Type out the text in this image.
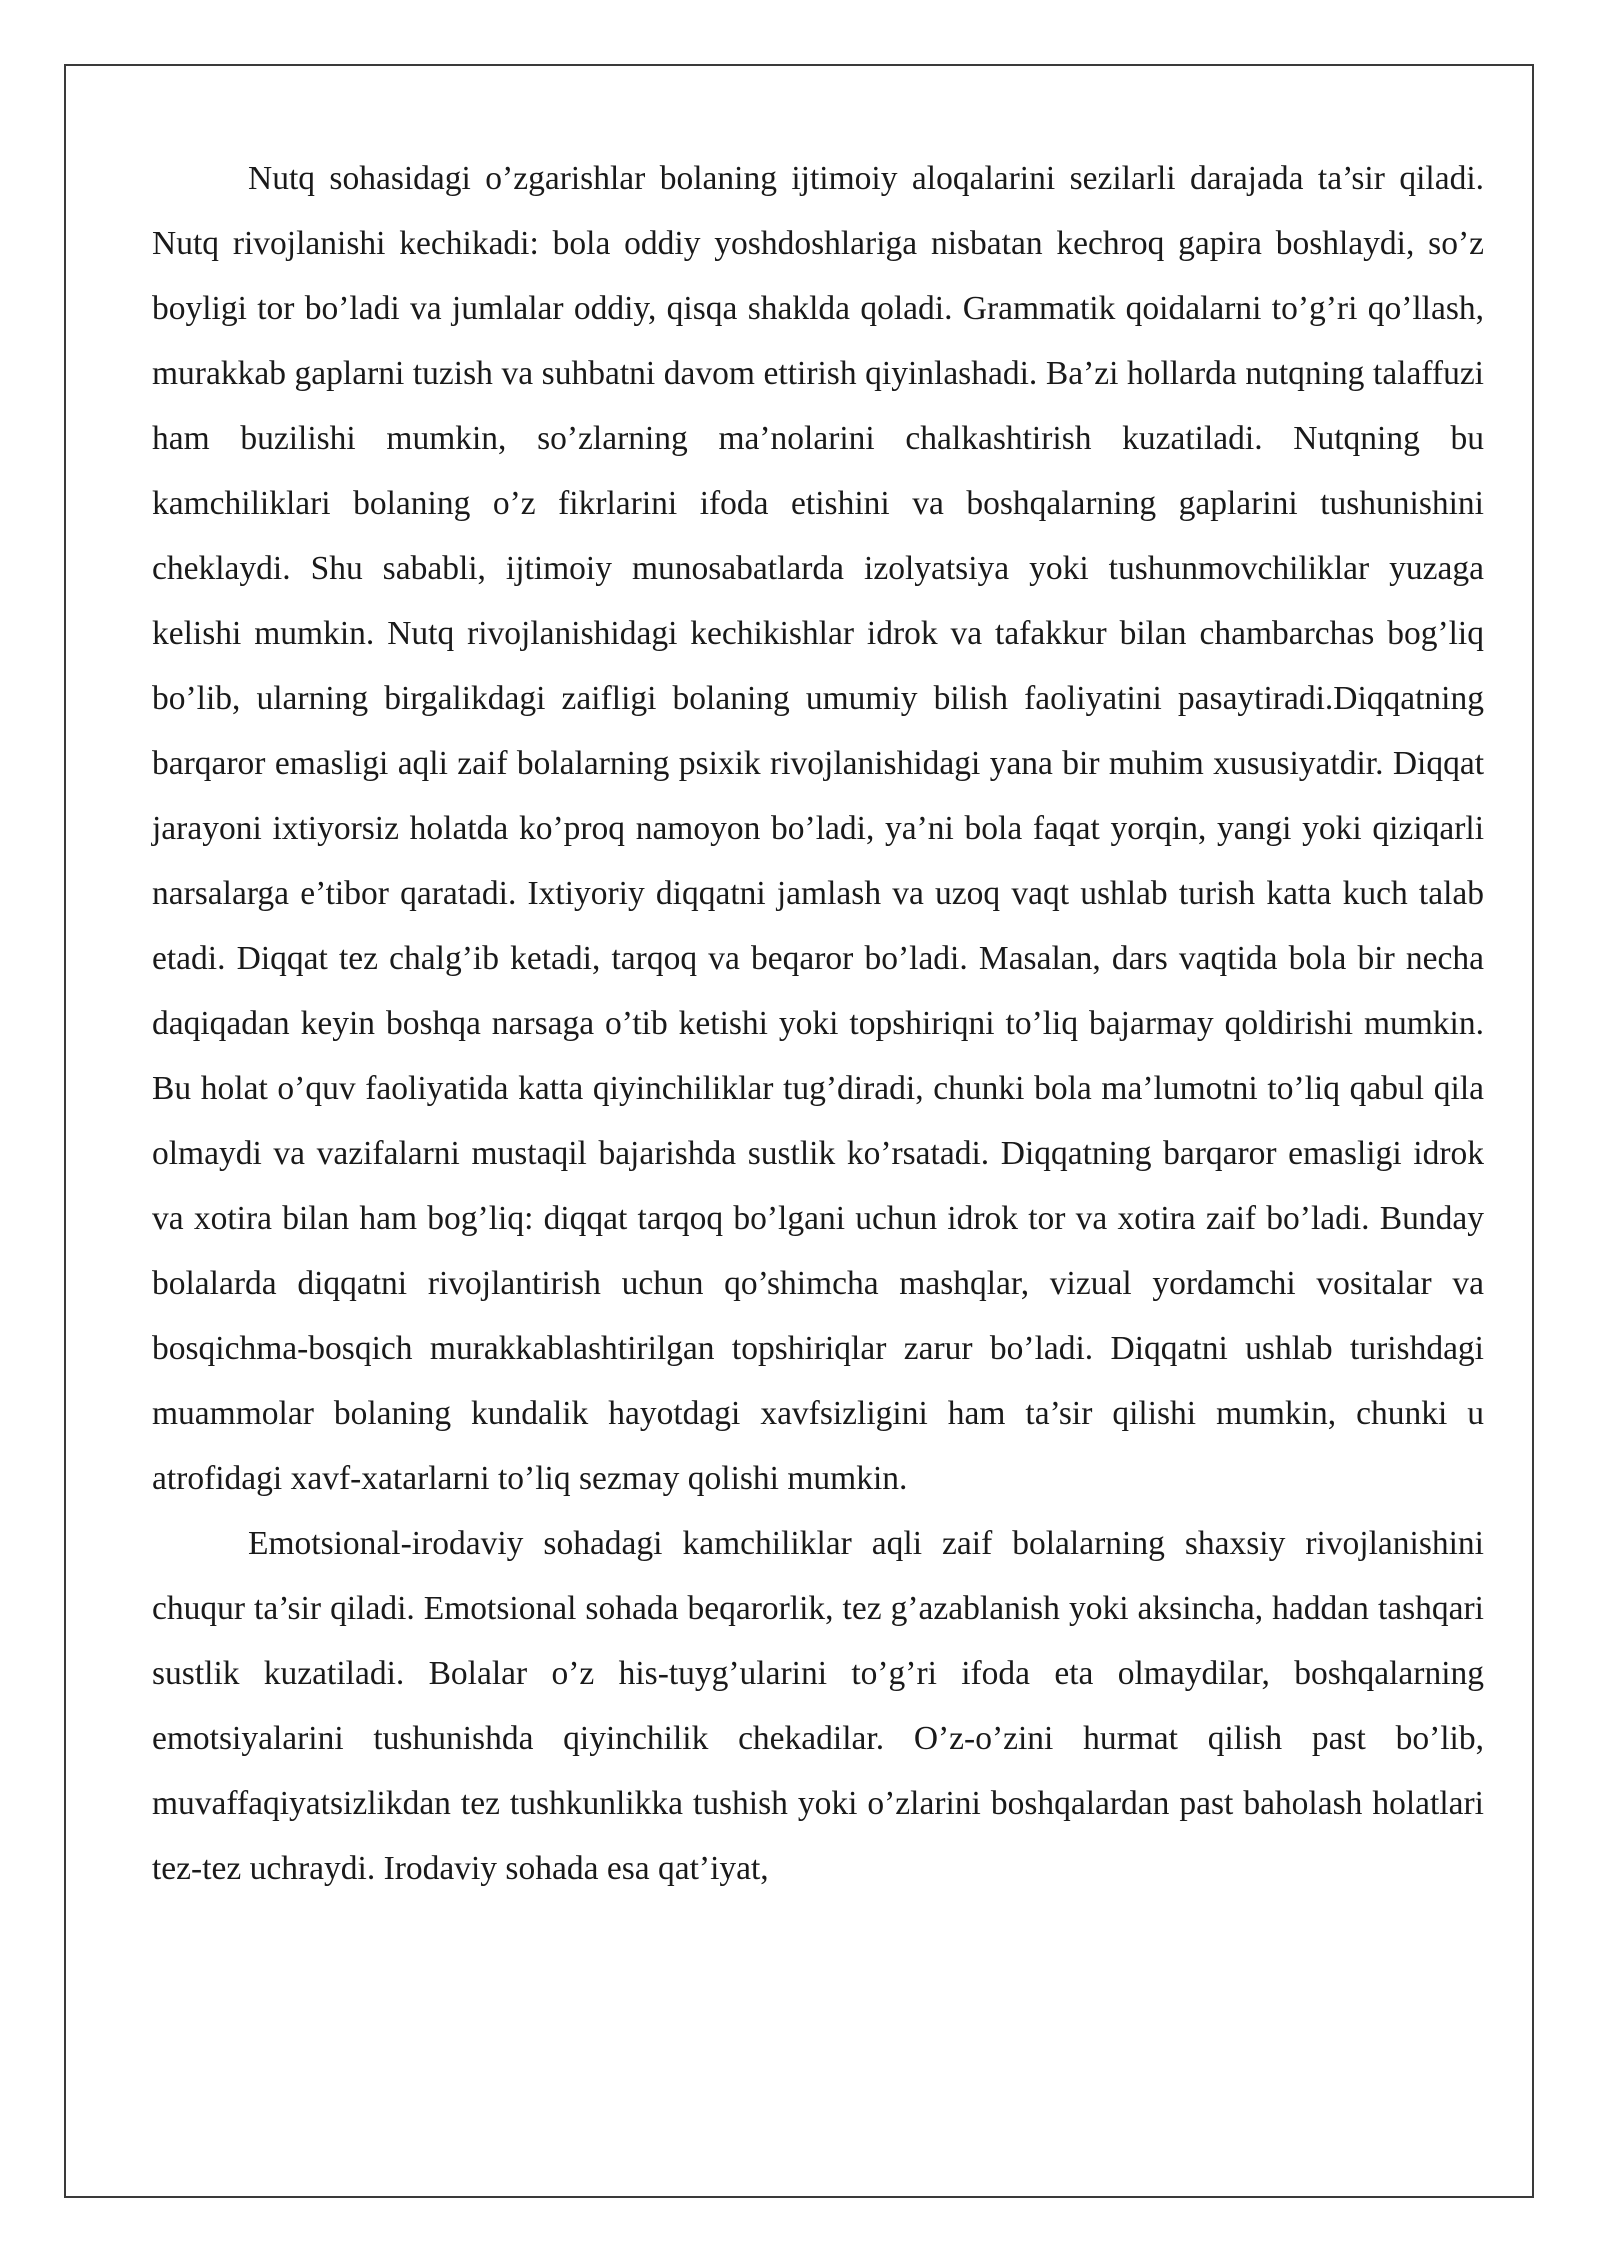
Nutq sohasidagi o’zgarishlar bolaning ijtimoiy aloqalarini sezilarli darajada ta’sir qiladi. Nutq rivojlanishi kechikadi: bola oddiy yoshdoshlariga nisbatan kechroq gapira boshlaydi, so’z boyligi tor bo’ladi va jumlalar oddiy, qisqa shaklda qoladi. Grammatik qoidalarni to’g’ri qo’llash, murakkab gaplarni tuzish va suhbatni davom ettirish qiyinlashadi. Ba’zi hollarda nutqning talaffuzi ham buzilishi mumkin, so’zlarning ma’nolarini chalkashtirish kuzatiladi. Nutqning bu kamchiliklari bolaning o’z fikrlarini ifoda etishini va boshqalarning gaplarini tushunishini cheklaydi. Shu sababli, ijtimoiy munosabatlarda izolyatsiya yoki tushunmovchiliklar yuzaga kelishi mumkin. Nutq rivojlanishidagi kechikishlar idrok va tafakkur bilan chambarchas bog’liq bo’lib, ularning birgalikdagi zaifligi bolaning umumiy bilish faoliyatini pasaytiradi.Diqqatning barqaror emasligi aqli zaif bolalarning psixik rivojlanishidagi yana bir muhim xususiyatdir. Diqqat jarayoni ixtiyorsiz holatda ko’proq namoyon bo’ladi, ya’ni bola faqat yorqin, yangi yoki qiziqarli narsalarga e’tibor qaratadi. Ixtiyoriy diqqatni jamlash va uzoq vaqt ushlab turish katta kuch talab etadi. Diqqat tez chalg’ib ketadi, tarqoq va beqaror bo’ladi. Masalan, dars vaqtida bola bir necha daqiqadan keyin boshqa narsaga o’tib ketishi yoki topshiriqni to’liq bajarmay qoldirishi mumkin. Bu holat o’quv faoliyatida katta qiyinchiliklar tug’diradi, chunki bola ma’lumotni to’liq qabul qila olmaydi va vazifalarni mustaqil bajarishda sustlik ko’rsatadi. Diqqatning barqaror emasligi idrok va xotira bilan ham bog’liq: diqqat tarqoq bo’lgani uchun idrok tor va xotira zaif bo’ladi. Bunday bolalarda diqqatni rivojlantirish uchun qo’shimcha mashqlar, vizual yordamchi vositalar va bosqichma-bosqich murakkablashtirilgan topshiriqlar zarur bo’ladi. Diqqatni ushlab turishdagi muammolar bolaning kundalik hayotdagi xavfsizligini ham ta’sir qilishi mumkin, chunki u atrofidagi xavf-xatarlarni to’liq sezmay qolishi mumkin.

Emotsional-irodaviy sohadagi kamchiliklar aqli zaif bolalarning shaxsiy rivojlanishini chuqur ta’sir qiladi. Emotsional sohada beqarorlik, tez g’azablanish yoki aksincha, haddan tashqari sustlik kuzatiladi. Bolalar o’z his-tuyg’ularini to’g’ri ifoda eta olmaydilar, boshqalarning emotsiyalarini tushunishda qiyinchilik chekadilar. O’z-o’zini hurmat qilish past bo’lib, muvaffaqiyatsizlikdan tez tushkunlikka tushish yoki o’zlarini boshqalardan past baholash holatlari tez-tez uchraydi. Irodaviy sohada esa qat’iyat,
